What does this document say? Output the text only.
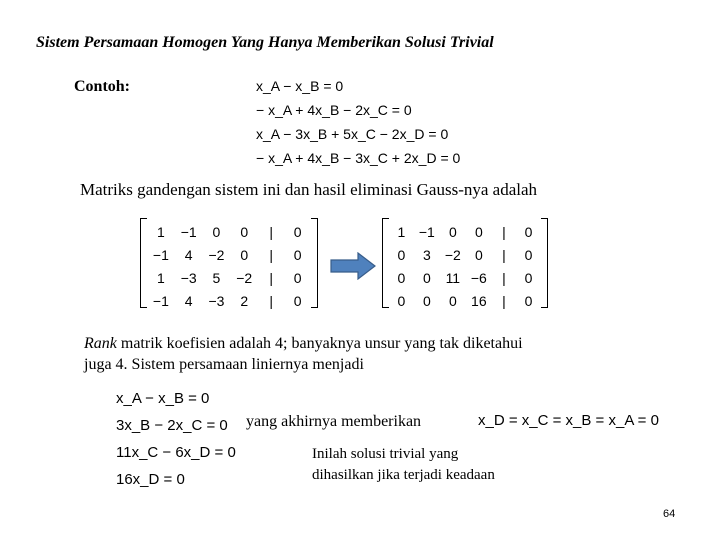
Sistem Persamaan Homogen Yang Hanya Memberikan Solusi Trivial
Contoh:	x_A − x_B = 0
− x_A + 4x_B − 2x_C = 0
x_A − 3x_B + 5x_C − 2x_D = 0
− x_A + 4x_B − 3x_C + 2x_D = 0
Matriks gandengan sistem ini dan hasil eliminasi Gauss-nya adalah
1	−1	0	0	|	0
−1	4	−2	0	|	0
1	−3	5	−2	|	0
−1	4	−3	2	|	0
1	−1	0	0	|	0
0	3	−2	0	|	0
0	0	11	−6	|	0
0	0	0	16	|	0
Rank matrik koefisien adalah 4; banyaknya unsur yang tak diketahui
juga 4. Sistem persamaan liniernya menjadi
x_A − x_B = 0
3x_B − 2x_C = 0
11x_C − 6x_D = 0
16x_D = 0
yang akhirnya memberikan	x_D = x_C = x_B = x_A = 0
Inilah solusi trivial yang
dihasilkan jika terjadi keadaan
64
